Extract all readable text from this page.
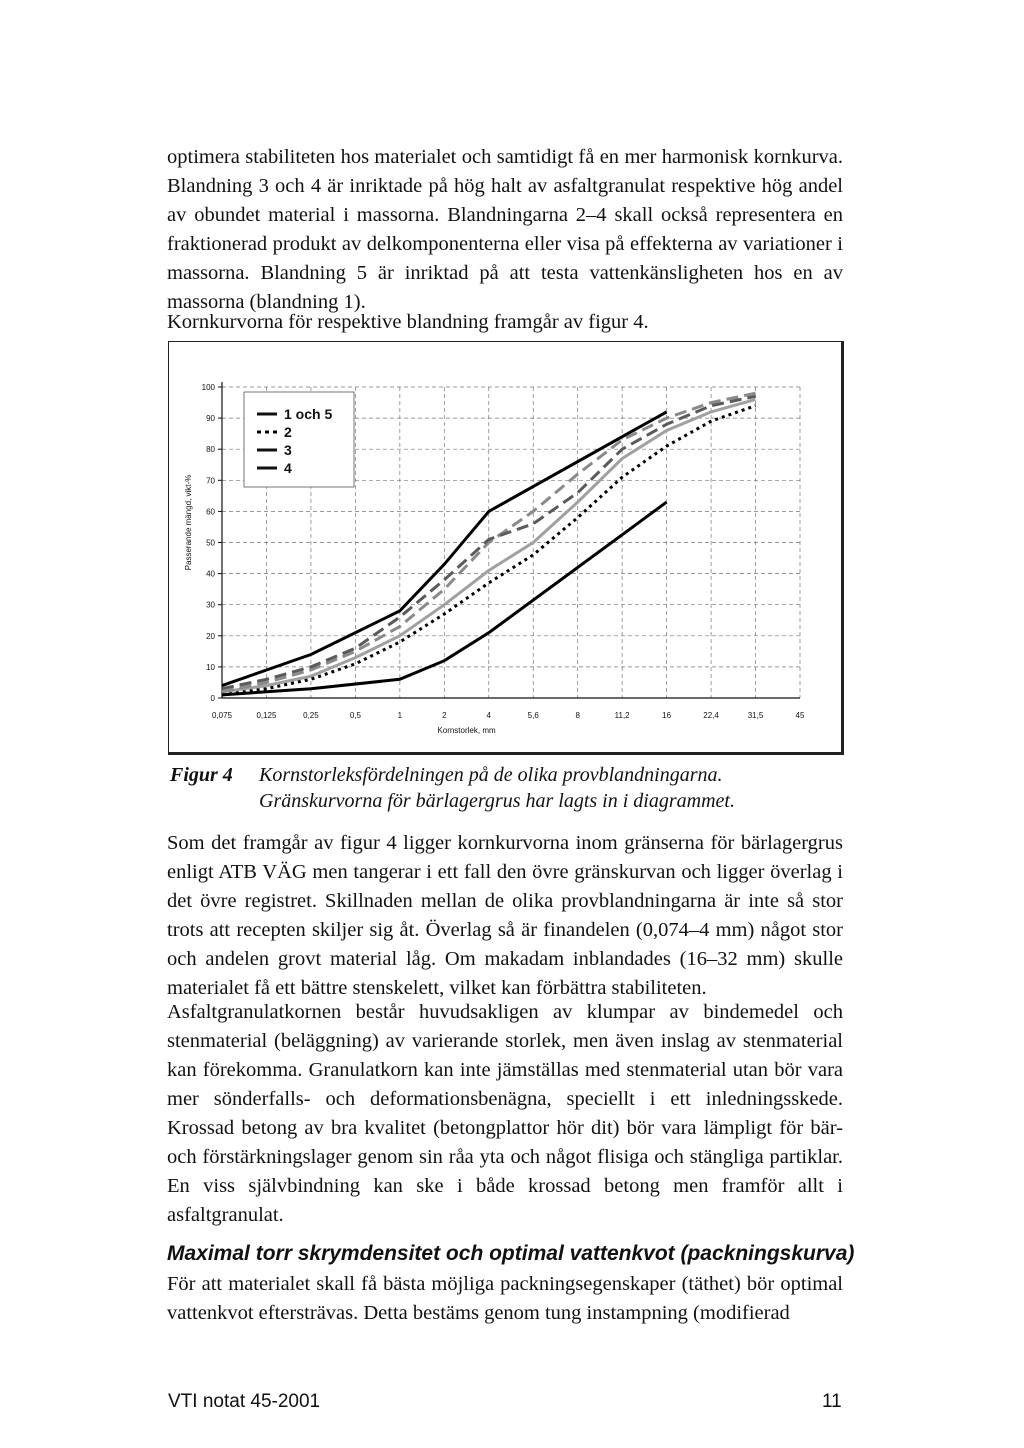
optimera stabiliteten hos materialet och samtidigt få en mer harmonisk kornkurva. Blandning 3 och 4 är inriktade på hög halt av asfaltgranulat respektive hög andel av obundet material i massorna. Blandningarna 2–4 skall också representera en fraktionerad produkt av delkomponenterna eller visa på effekterna av variationer i massorna. Blandning 5 är inriktad på att testa vattenkänsligheten hos en av massorna (blandning 1).

Kornkurvorna för respektive blandning framgår av figur 4.

0
10
20
30
40
50
60
70
80
90
100
0,075	0,125	0,25	0,5	1	2	4	5,6	8	11,2	16	22,4	31,5	45
Kornstorlek, mm
Passerande mängd, vikt-%
1 och 5
2
3
4
Figur 4 Kornstorleksfördelningen på de olika provblandningarna.
Gränskurvorna för bärlagergrus har lagts in i diagrammet.

Som det framgår av figur 4 ligger kornkurvorna inom gränserna för bärlagergrus enligt ATB VÄG men tangerar i ett fall den övre gränskurvan och ligger överlag i det övre registret. Skillnaden mellan de olika provblandningarna är inte så stor trots att recepten skiljer sig åt. Överlag så är finandelen (0,074–4 mm) något stor och andelen grovt material låg. Om makadam inblandades (16–32 mm) skulle materialet få ett bättre stenskelett, vilket kan förbättra stabiliteten.

Asfaltgranulatkornen består huvudsakligen av klumpar av bindemedel och stenmaterial (beläggning) av varierande storlek, men även inslag av stenmaterial kan förekomma. Granulatkorn kan inte jämställas med stenmaterial utan bör vara mer sönderfalls- och deformationsbenägna, speciellt i ett inledningsskede. Krossad betong av bra kvalitet (betongplattor hör dit) bör vara lämpligt för bär- och förstärkningslager genom sin råa yta och något flisiga och stängliga partiklar. En viss självbindning kan ske i både krossad betong men framför allt i asfaltgranulat.

Maximal torr skrymdensitet och optimal vattenkvot (packningskurva)

För att materialet skall få bästa möjliga packningsegenskaper (täthet) bör optimal vattenkvot eftersträvas. Detta bestäms genom tung instampning (modifierad

VTI notat 45-2001	11
